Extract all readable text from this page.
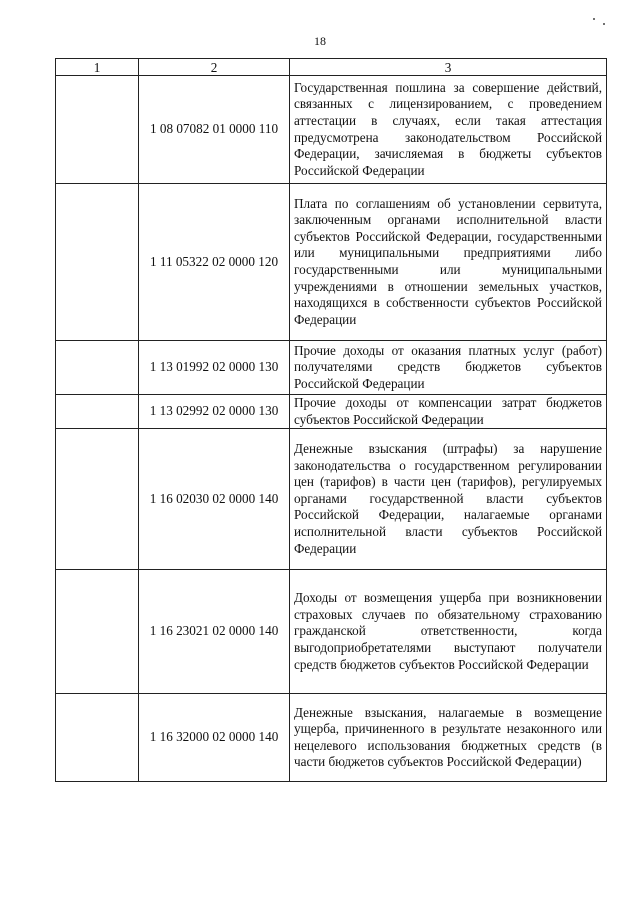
18
1	2	3
	1 08 07082 01 0000 110	Государственная пошлина за совершение действий, связанных с лицензированием, с проведением аттестации в случаях, если такая аттестация предусмотрена законодательством Российской Федерации, зачисляемая в бюджеты субъектов Российской Федерации
	1 11 05322 02 0000 120	Плата по соглашениям об установлении сервитута, заключенным органами исполнительной власти субъектов Российской Федерации, государственными или муниципальными предприятиями либо государственными или муниципальными учреждениями в отношении земельных участков, находящихся в собственности субъектов Российской Федерации
	1 13 01992 02 0000 130	Прочие доходы от оказания платных услуг (работ) получателями средств бюджетов субъектов Российской Федерации
	1 13 02992 02 0000 130	Прочие доходы от компенсации затрат бюджетов субъектов Российской Федерации
	1 16 02030 02 0000 140	Денежные взыскания (штрафы) за нарушение законодательства о государственном регулировании цен (тарифов) в части цен (тарифов), регулируемых органами государственной власти субъектов Российской Федерации, налагаемые органами исполнительной власти субъектов Российской Федерации
	1 16 23021 02 0000 140	Доходы от возмещения ущерба при возникновении страховых случаев по обязательному страхованию гражданской ответственности, когда выгодоприобретателями выступают получатели средств бюджетов субъектов Российской Федерации
	1 16 32000 02 0000 140	Денежные взыскания, налагаемые в возмещение ущерба, причиненного в результате незаконного или нецелевого использования бюджетных средств (в части бюджетов субъектов Российской Федерации)
